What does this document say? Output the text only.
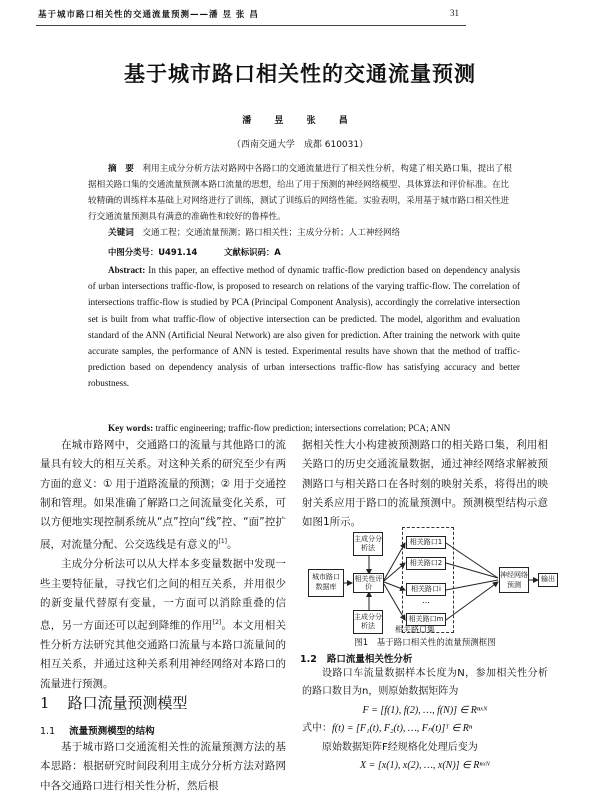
基于城市路口相关性的交通流量预测——潘 昱 张 昌	31
基于城市路口相关性的交通流量预测
潘 昱 张 昌
（西南交通大学　成都 610031）
摘　要　 利用主成分分析方法对路网中各路口的交通流量进行了相关性分析，构建了相关路口集，提出了根据相关路口集的交通流量预测本路口流量的思想，给出了用于预测的神经网络模型、具体算法和评价标准。在比较精确的训练样本基础上对网络进行了训练，测试了训练后的网络性能。实验表明，采用基于城市路口相关性进行交通流量预测具有满意的准确性和较好的鲁棒性。
关键词　 交通工程；交通流量预测；路口相关性；主成分分析；人工神经网络
中图分类号：U491.14	文献标识码：A
Abstract: In this paper, an effective method of dynamic traffic-flow prediction based on dependency analysis of urban intersections traffic-flow, is proposed to research on relations of the varying traffic-flow. The correlation of intersections traffic-flow is studied by PCA (Principal Component Analysis), accordingly the correlative intersection set is built from what traffic-flow of objective intersection can be predicted. The model, algorithm and evaluation standard of the ANN (Artificial Neural Network) are also given for prediction. After training the network with quite accurate samples, the performance of ANN is tested. Experimental results have shown that the method of traffic-prediction based on dependency analysis of urban intersections traffic-flow has satisfying accuracy and better robustness.
Key words: traffic engineering; traffic-flow prediction; intersections correlation; PCA; ANN

在城市路网中，交通路口的流量与其他路口的流量具有较大的相互关系。对这种关系的研究至少有两方面的意义：① 用于道路流量的预测；② 用于交通控制和管理。如果准确了解路口之间流量变化关系，可以方便地实现控制系统从“点”控向“线”控、“面”控扩展，对流量分配、公交选线是有意义的[1]。

主成分分析法可以从大样本多变量数据中发现一些主要特征量，寻找它们之间的相互关系，并用很少的新变量代替原有变量，一方面可以消除重叠的信息，另一方面还可以起到降维的作用[2]。本文用相关性分析方法研究其他交通路口流量与本路口流量间的相互关系，并通过这种关系利用神经网络对本路口的流量进行预测。

1 路口流量预测模型
1.1 流量预测模型的结构

基于城市路口交通流相关性的流量预测方法的基本思路：根据研究时间段利用主成分分析方法对路网中各交通路口进行相关性分析，然后根

据相关性大小构建被预测路口的相关路口集，利用相关路口的历史交通流量数据，通过神经网络求解被预测路口与相关路口在各时刻的映射关系，将得出的映射关系应用于路口的流量预测中。预测模型结构示意如图1所示。

主成分分析法
城市路口数据库
相关性评价
主成分分析法
相关路口1
相关路口2
相关路口i
…
相关路口m
神经网络预测
输出
相关路口集
图1　基于路口相关性的流量预测框图
1.2 路口流量相关性分析

设路口车流量数据样本长度为N，参加相关性分析的路口数目为n，则原始数据矩阵为

F = [f(1), f(2), …, f(N)] ∈ Rⁿˣᴺ

式中：f(t) = [F₁(t), F₂(t), …, Fₙ(t)]ᵀ ∈ Rⁿ

原始数据矩阵F经规格化处理后变为

X = [x(1), x(2), …, x(N)] ∈ Rⁿˣᴺ
